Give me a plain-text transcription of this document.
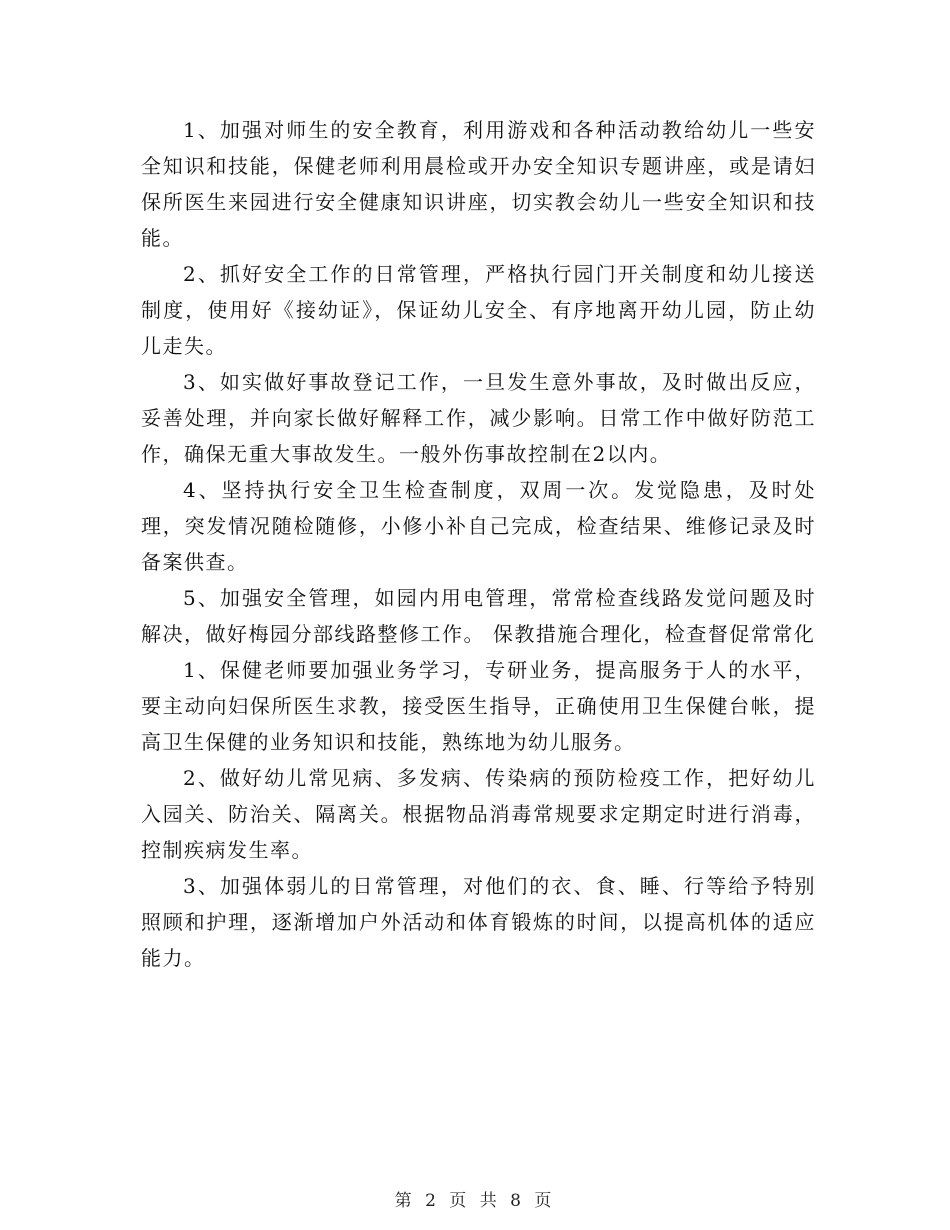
1、加强对师生的安全教育，利用游戏和各种活动教给幼儿一些安全知识和技能，保健老师利用晨检或开办安全知识专题讲座，或是请妇保所医生来园进行安全健康知识讲座，切实教会幼儿一些安全知识和技能。

2、抓好安全工作的日常管理，严格执行园门开关制度和幼儿接送制度，使用好《接幼证》，保证幼儿安全、有序地离开幼儿园，防止幼儿走失。

3、如实做好事故登记工作，一旦发生意外事故，及时做出反应，妥善处理，并向家长做好解释工作，减少影响。日常工作中做好防范工作，确保无重大事故发生。一般外伤事故控制在2以内。

4、坚持执行安全卫生检查制度，双周一次。发觉隐患，及时处理，突发情况随检随修，小修小补自己完成，检查结果、维修记录及时备案供查。

5、加强安全管理，如园内用电管理，常常检查线路发觉问题及时解决，做好梅园分部线路整修工作。 保教措施合理化，检查督促常常化

1、保健老师要加强业务学习，专研业务，提高服务于人的水平，要主动向妇保所医生求教，接受医生指导，正确使用卫生保健台帐，提高卫生保健的业务知识和技能，熟练地为幼儿服务。

2、做好幼儿常见病、多发病、传染病的预防检疫工作，把好幼儿入园关、防治关、隔离关。根据物品消毒常规要求定期定时进行消毒，控制疾病发生率。

3、加强体弱儿的日常管理，对他们的衣、食、睡、行等给予特别照顾和护理，逐渐增加户外活动和体育锻炼的时间，以提高机体的适应能力。

第 2 页 共 8 页
